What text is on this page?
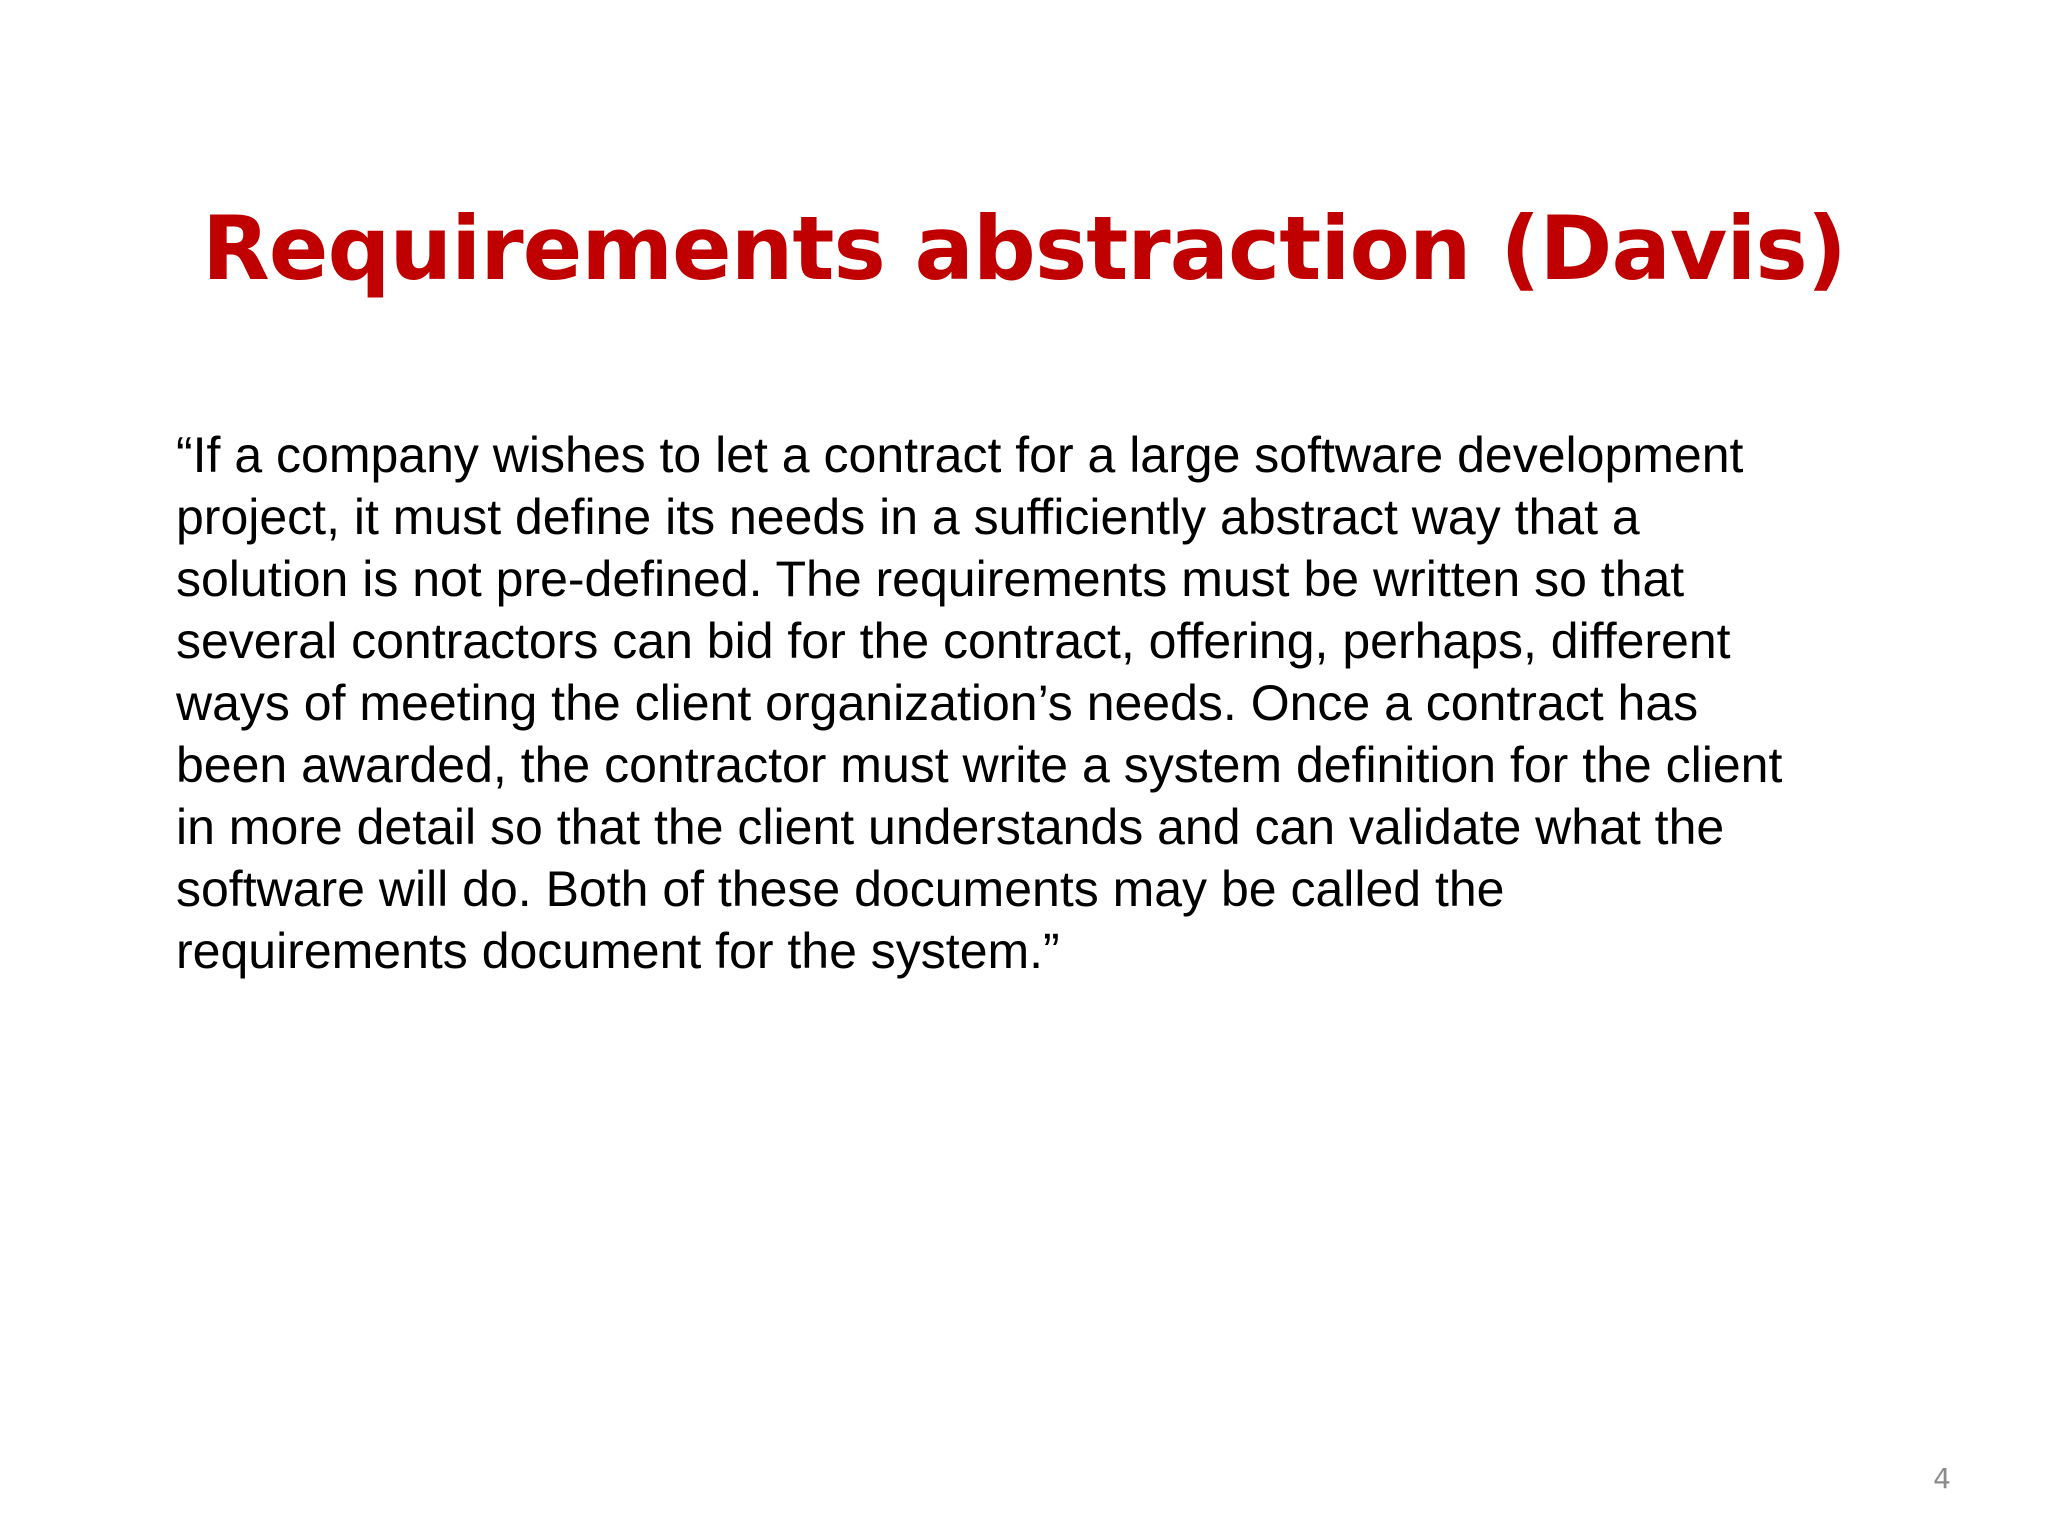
Requirements abstraction (Davis)
“If a company wishes to let a contract for a large software development
project, it must define its needs in a sufficiently abstract way that a
solution is not pre-defined. The requirements must be written so that
several contractors can bid for the contract, offering, perhaps, different
ways of meeting the client organization’s needs. Once a contract has
been awarded, the contractor must write a system definition for the client
in more detail so that the client understands and can validate what the
software will do. Both of these documents may be called the
requirements document for the system.”
4
